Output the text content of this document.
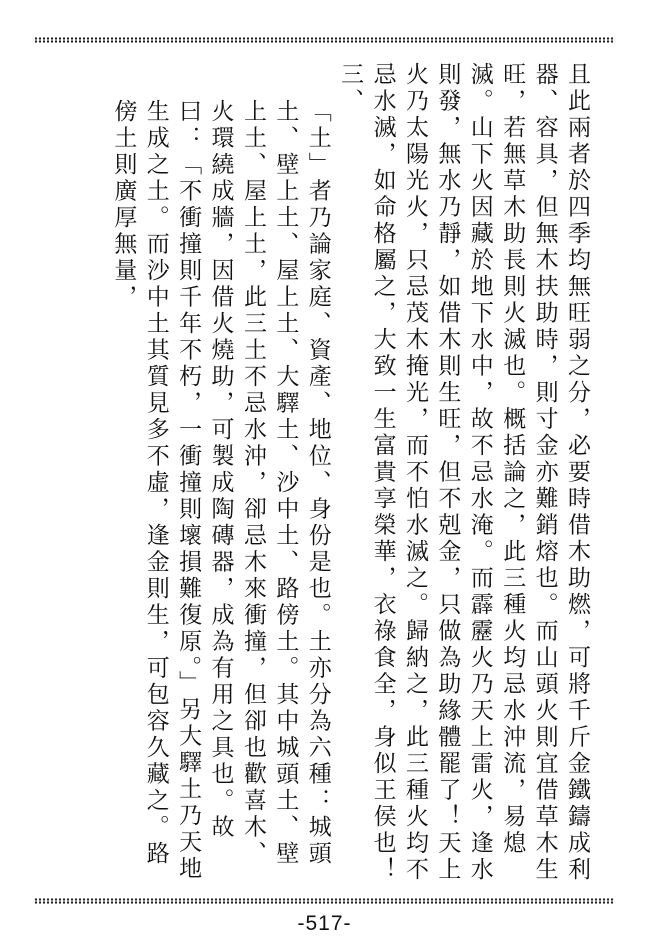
且此兩者於四季均無旺弱之分，必要時借木助燃，可將千斤金鐵鑄成利器、容具，但無木扶助時，則寸金亦難銷熔也。而山頭火則宜借草木生旺，若無草木助長則火滅也。概括論之，此三種火均忌水沖流，易熄滅。山下火因藏於地下水中，故不忌水淹。而霹靂火乃天上雷火，逢水則發，無水乃靜，如借木則生旺，但不剋金，只做為助緣體罷了！天上火乃太陽光火，只忌茂木掩光，而不怕水滅之。歸納之，此三種火均不忌水滅，如命格屬之，大致一生富貴享榮華，衣祿食全，身似王侯也！
三、
「土」者乃論家庭、資產、地位、身份是也。土亦分為六種：城頭土、壁上土、屋上土、大驛土、沙中土、路傍土。其中城頭土、壁上土、屋上土，此三土不忌水沖，卻忌木來衝撞，但卻也歡喜木、火環繞成牆，因借火燒助，可製成陶磚器，成為有用之具也。故曰：「不衝撞則千年不朽，一衝撞則壞損難復原。」另大驛土乃天地生成之土。而沙中土其質見多不虛，逢金則生，可包容久藏之。路傍土則廣厚無量，
-517-
